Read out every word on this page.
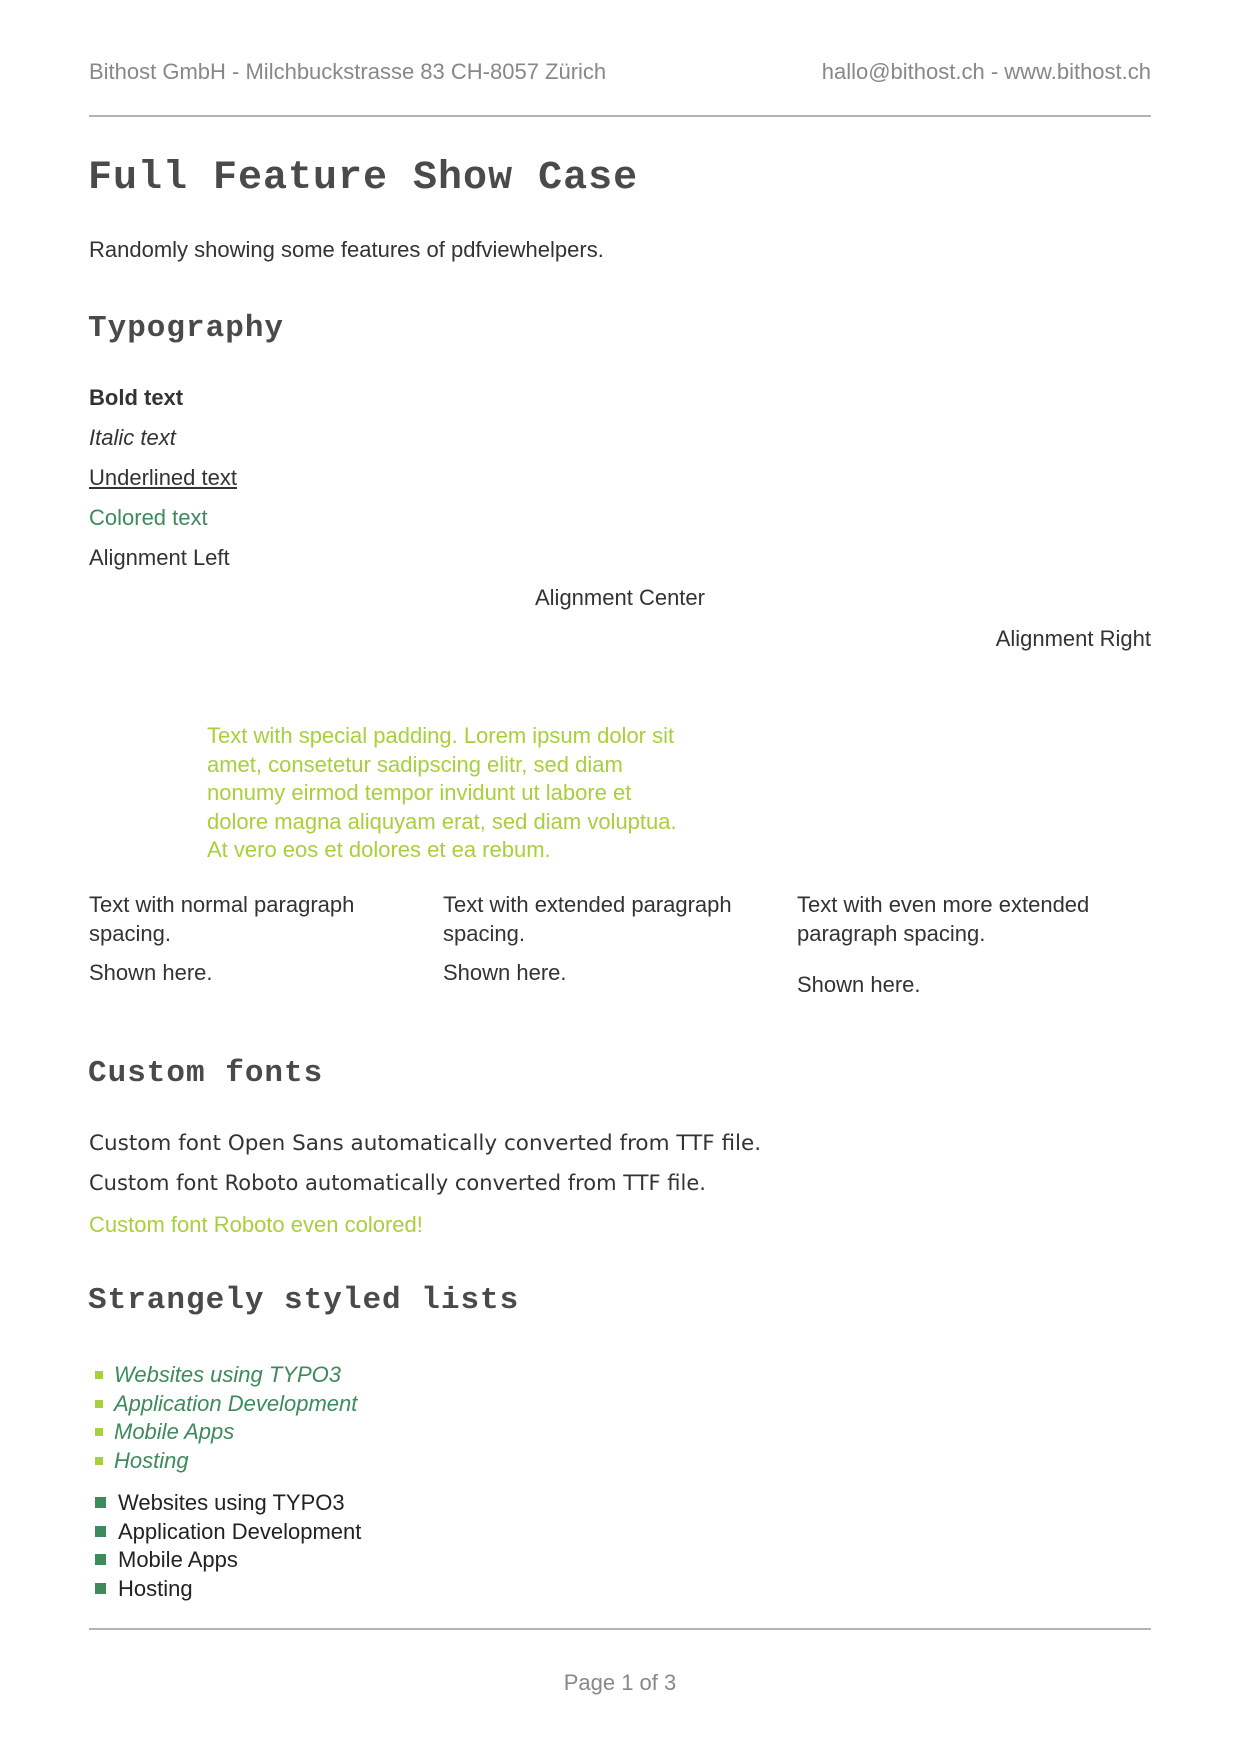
Bithost GmbH - Milchbuckstrasse 83 CH-8057 Zürich	hallo@bithost.ch - www.bithost.ch

Full Feature Show Case

Randomly showing some features of pdfviewhelpers.

Typography

Bold text

Italic text

Underlined text

Colored text

Alignment Left

Alignment Center

Alignment Right

Text with special padding. Lorem ipsum dolor sit amet, consetetur sadipscing elitr, sed diam nonumy eirmod tempor invidunt ut labore et dolore magna aliquyam erat, sed diam voluptua. At vero eos et dolores et ea rebum.

Text with normal paragraph spacing.

Shown here.

Text with extended paragraph spacing.

Shown here.

Text with even more extended paragraph spacing.

Shown here.

Custom fonts

Custom font Open Sans automatically converted from TTF file.

Custom font Roboto automatically converted from TTF file.

Custom font Roboto even colored!

Strangely styled lists
Websites using TYPO3
Application Development
Mobile Apps
Hosting
Websites using TYPO3
Application Development
Mobile Apps
Hosting

Page 1 of 3
